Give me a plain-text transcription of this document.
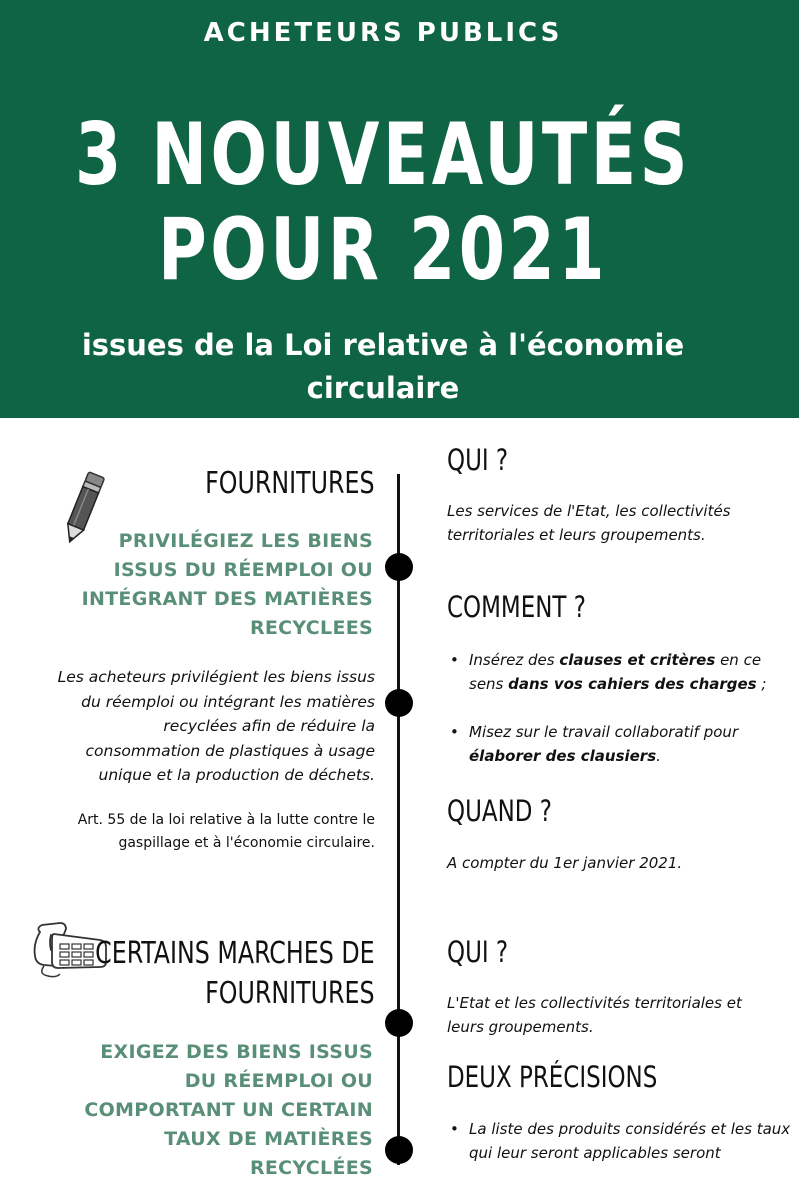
ACHETEURS PUBLICS
3 NOUVEAUTÉS
POUR 2021
issues de la Loi relative à l'économie circulaire
FOURNITURES
PRIVILÉGIEZ LES BIENS ISSUS DU RÉEMPLOI OU INTÉGRANT DES MATIÈRES RECYCLEES
Les acheteurs privilégient les biens issus du réemploi ou intégrant les matières recyclées afin de réduire la consommation de plastiques à usage unique et la production de déchets.
Art. 55 de la loi relative à la lutte contre le gaspillage et à l'économie circulaire.
QUI ?
Les services de l'Etat, les collectivités territoriales et leurs groupements.
COMMENT ?
• Insérez des clauses et critères en ce sens dans vos cahiers des charges ;
• Misez sur le travail collaboratif pour élaborer des clausiers.
QUAND ?
A compter du 1er janvier 2021.
CERTAINS MARCHES DE
FOURNITURES
EXIGEZ DES BIENS ISSUS DU RÉEMPLOI OU COMPORTANT UN CERTAIN TAUX DE MATIÈRES RECYCLÉES
QUI ?
L'Etat et les collectivités territoriales et leurs groupements.
DEUX PRÉCISIONS
• La liste des produits considérés et les taux qui leur seront applicables seront
